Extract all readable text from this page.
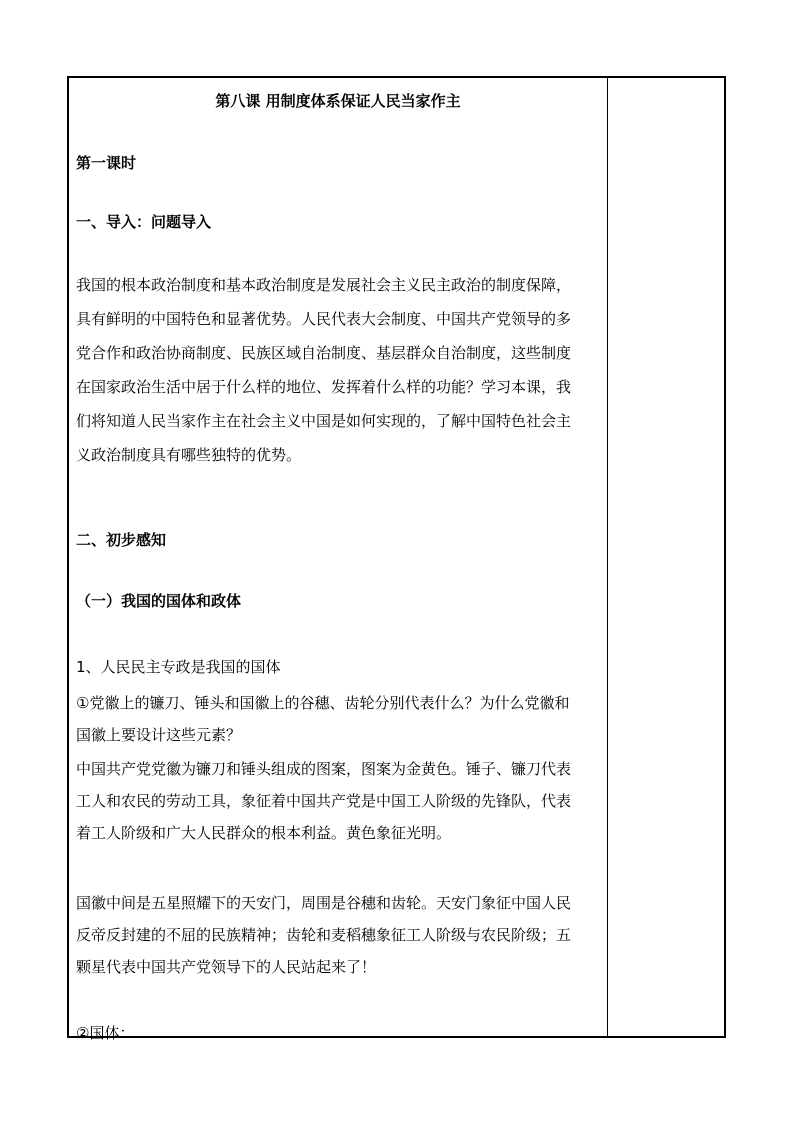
第八课 用制度体系保证人民当家作主
第一课时
一、导入：问题导入
我国的根本政治制度和基本政治制度是发展社会主义民主政治的制度保障，
具有鲜明的中国特色和显著优势。人民代表大会制度、中国共产党领导的多
党合作和政治协商制度、民族区域自治制度、基层群众自治制度，这些制度
在国家政治生活中居于什么样的地位、发挥着什么样的功能？学习本课，我
们将知道人民当家作主在社会主义中国是如何实现的，了解中国特色社会主
义政治制度具有哪些独特的优势。
二、初步感知
（一）我国的国体和政体
1、人民民主专政是我国的国体
①党徽上的镰刀、锤头和国徽上的谷穗、齿轮分别代表什么？为什么党徽和
国徽上要设计这些元素？
中国共产党党徽为镰刀和锤头组成的图案，图案为金黄色。锤子、镰刀代表
工人和农民的劳动工具，象征着中国共产党是中国工人阶级的先锋队，代表
着工人阶级和广大人民群众的根本利益。黄色象征光明。
国徽中间是五星照耀下的天安门，周围是谷穗和齿轮。天安门象征中国人民
反帝反封建的不屈的民族精神；齿轮和麦稻穗象征工人阶级与农民阶级；五
颗星代表中国共产党领导下的人民站起来了！
②国体：
